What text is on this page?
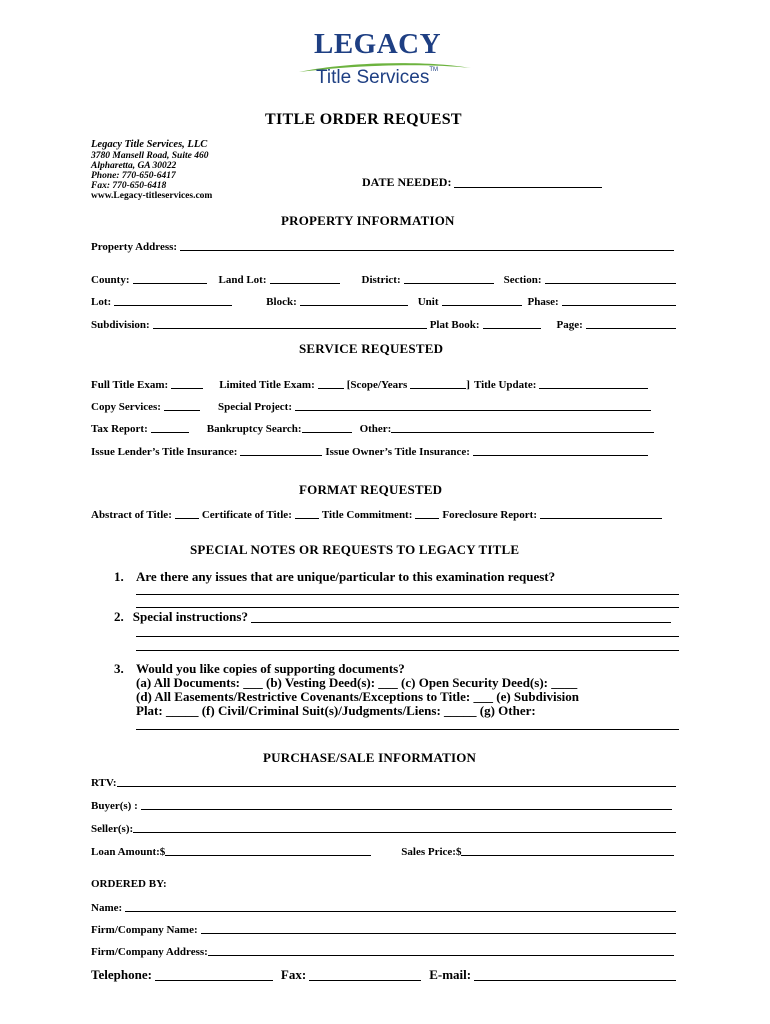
LEGACY
Title Services™
TITLE ORDER REQUEST
Legacy Title Services, LLC
3780 Mansell Road, Suite 460
Alpharetta, GA 30022
Phone: 770-650-6417
Fax: 770-650-6418
www.Legacy-titleservices.com
DATE NEEDED:
PROPERTY INFORMATION
Property Address:
County:	Land Lot:	District:	Section:
Lot:	Block:	Unit	Phase:
Subdivision:	Plat Book:	Page:
SERVICE REQUESTED
Full Title Exam:	Limited Title Exam:	[Scope/Years	] Title Update:
Copy Services:	Special Project:
Tax Report:	Bankruptcy Search:	Other:
Issue Lender’s Title Insurance:	Issue Owner’s Title Insurance:
FORMAT REQUESTED
Abstract of Title:	Certificate of Title:	Title Commitment:	Foreclosure Report:
SPECIAL NOTES OR REQUESTS TO LEGACY TITLE
1. Are there any issues that are unique/particular to this examination request?
2. Special instructions?
3. Would you like copies of supporting documents?
(a) All Documents: ___ (b) Vesting Deed(s): ___ (c) Open Security Deed(s): ____
(d) All Easements/Restrictive Covenants/Exceptions to Title: ___ (e) Subdivision
Plat: _____ (f) Civil/Criminal Suit(s)/Judgments/Liens: _____ (g) Other:
PURCHASE/SALE INFORMATION
RTV:
Buyer(s) :
Seller(s):
Loan Amount:$	Sales Price:$
ORDERED BY:
Name:
Firm/Company Name:
Firm/Company Address:
Telephone:	Fax:	E-mail:
